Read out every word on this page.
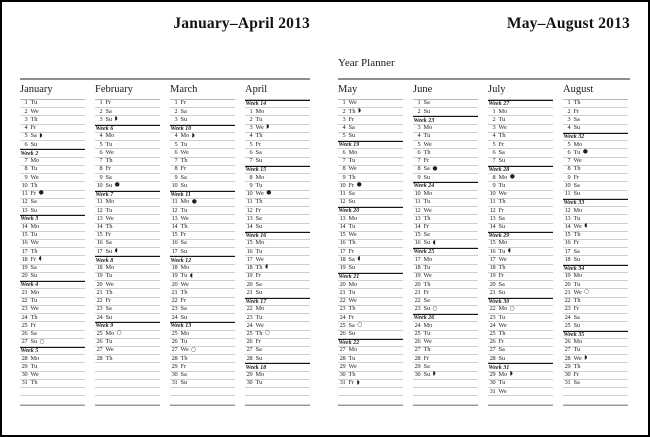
January–April 2013
January
1 Tu
2 We
3 Th
4 Fr
5 Sa ◗
6 Su
Week 2
7 Mo
8 Tu
9 We
10 Th
11 Fr ●
12 Sa
13 Su
Week 3
14 Mo
15 Tu
16 We
17 Th
18 Fr ◖
19 Sa
20 Su
Week 4
21 Mo
22 Tu
23 We
24 Th
25 Fr
26 Sa
27 Su ○
Week 5
28 Mo
29 Tu
30 We
31 Th
February
1 Fr
2 Sa
3 Su ◗
Week 6
4 Mo
5 Tu
6 We
7 Th
8 Fr
9 Sa
10 Su ●
Week 7
11 Mo
12 Tu
13 We
14 Th
15 Fr
16 Sa
17 Su ◖
Week 8
18 Mo
19 Tu
20 We
21 Th
22 Fr
23 Sa
24 Su
Week 9
25 Mo ○
26 Tu
27 We
28 Th
March
1 Fr
2 Sa
3 Su
Week 10
4 Mo ◗
5 Tu
6 We
7 Th
8 Fr
9 Sa
10 Su
Week 11
11 Mo ●
12 Tu
13 We
14 Th
15 Fr
16 Sa
17 Su
Week 12
18 Mo
19 Tu ◖
20 We
21 Th
22 Fr
23 Sa
24 Su
Week 13
25 Mo
26 Tu
27 We ○
28 Th
29 Fr
30 Sa
31 Su
April
Week 14
1 Mo
2 Tu
3 We ◗
4 Th
5 Fr
6 Sa
7 Su
Week 15
8 Mo
9 Tu
10 We ●
11 Th
12 Fr
13 Sa
14 Su
Week 16
15 Mo
16 Tu
17 We
18 Th ◖
19 Fr
20 Sa
21 Su
Week 17
22 Mo
23 Tu
24 We
25 Th ○
26 Fr
27 Sa
28 Su
Week 18
29 Mo
30 Tu
May–August 2013
Year Planner
May
1 We
2 Th ◗
3 Fr
4 Sa
5 Su
Week 19
6 Mo
7 Tu
8 We
9 Th
10 Fr ●
11 Sa
12 Su
Week 20
13 Mo
14 Tu
15 We
16 Th
17 Fr
18 Sa ◖
19 Su
Week 21
20 Mo
21 Tu
22 We
23 Th
24 Fr
25 Sa ○
26 Su
Week 22
27 Mo
28 Tu
29 We
30 Th
31 Fr ◗
June
1 Sa
2 Su
Week 23
3 Mo
4 Tu
5 We
6 Th
7 Fr
8 Sa ●
9 Su
Week 24
10 Mo
11 Tu
12 We
13 Th
14 Fr
15 Sa
16 Su ◖
Week 25
17 Mo
18 Tu
19 We
20 Th
21 Fr
22 Sa
23 Su ○
Week 26
24 Mo
25 Tu
26 We
27 Th
28 Fr
29 Sa
30 Su ◗
July
Week 27
1 Mo
2 Tu
3 We
4 Th
5 Fr
6 Sa
7 Su
Week 28
8 Mo ●
9 Tu
10 We
11 Th
12 Fr
13 Sa
14 Su
Week 29
15 Mo
16 Tu ◖
17 We
18 Th
19 Fr
20 Sa
21 Su
Week 30
22 Mo ○
23 Tu
24 We
25 Th
26 Fr
27 Sa
28 Su
Week 31
29 Mo ◗
30 Tu
31 We
August
1 Th
2 Fr
3 Sa
4 Su
Week 32
5 Mo
6 Tu ●
7 We
8 Th
9 Fr
10 Sa
11 Su
Week 33
12 Mo
13 Tu
14 We ◖
15 Th
16 Fr
17 Sa
18 Su
Week 34
19 Mo
20 Tu
21 We ○
22 Th
23 Fr
24 Sa
25 Su
Week 35
26 Mo
27 Tu
28 We ◗
29 Th
30 Fr
31 Sa
